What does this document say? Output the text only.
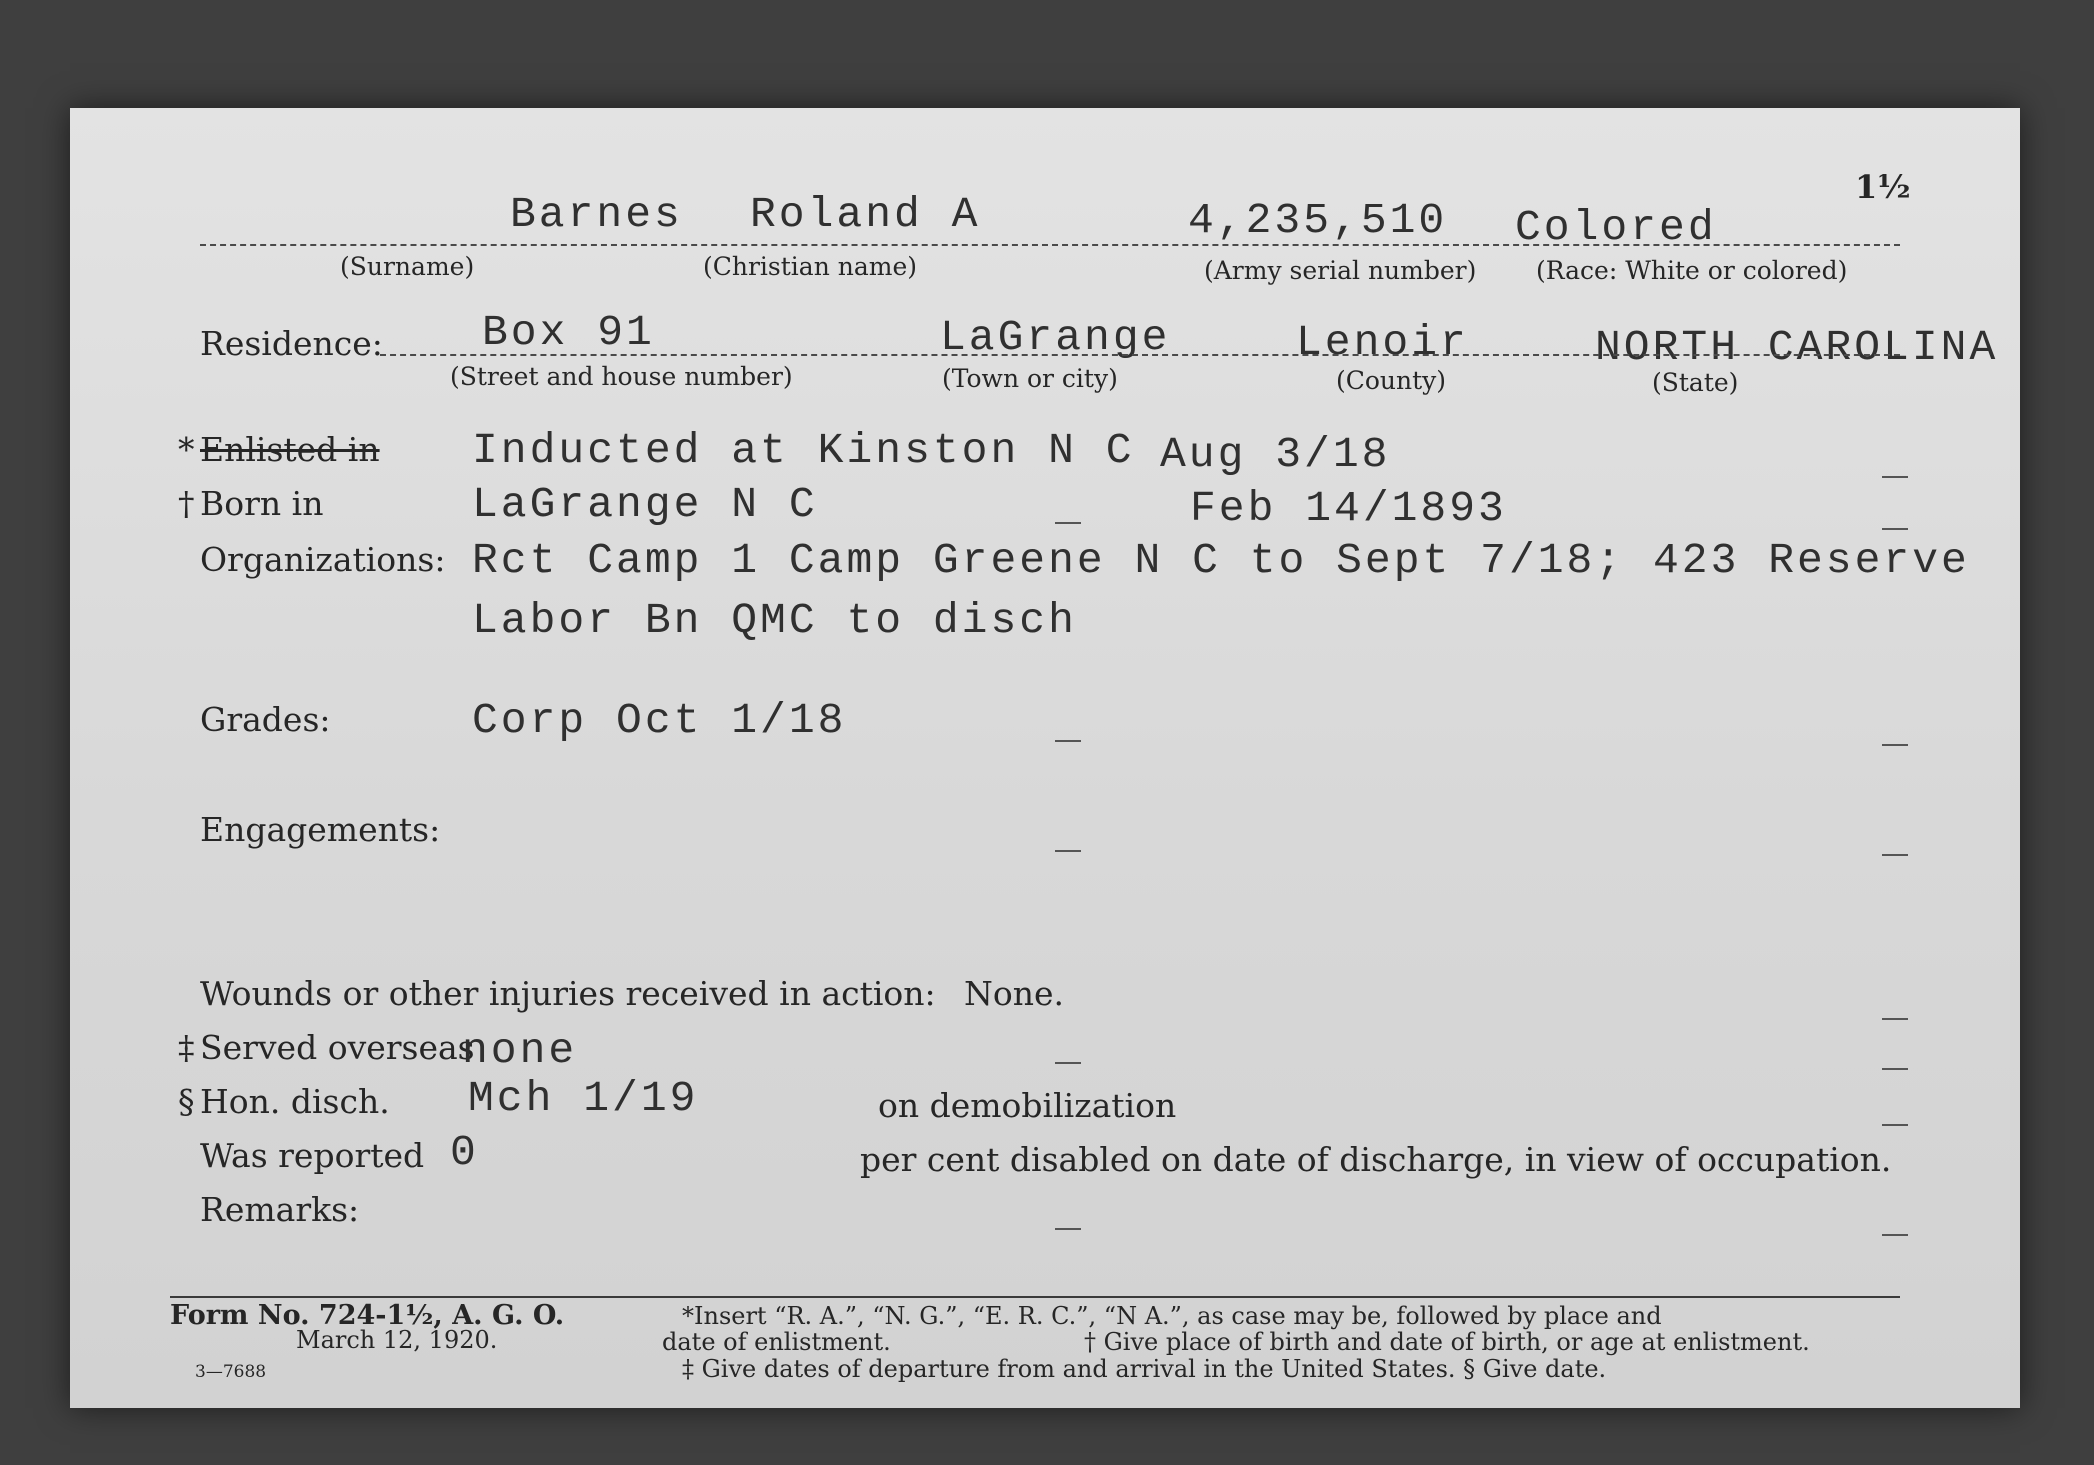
Barnes Roland A	4,235,510 Colored
1½
(Surname)	(Christian name)	(Army serial number) (Race: White or colored)
Residence: Box 91	LaGrange	Lenoir	NORTH CAROLINA
(Street and house number)	(Town or city)	(County)	(State)
* Enlisted in Inducted at Kinston N C Aug 3/18
† Born in	LaGrange N C	Feb 14/1893
Organizations: Rct Camp 1 Camp Greene N C to Sept 7/18; 423 Reserve
Labor Bn QMC to disch
Grades:	Corp Oct 1/18
Engagements:
Wounds or other injuries received in action: None.
‡ Served overseas
none
§ Hon. disch. Mch 1/19	on demobilization
Was reported 0	per cent disabled on date of discharge, in view of occupation.
Remarks:
Form No. 724-1½, A. G. O.
March 12, 1920.
3—7688
*Insert “R. A.”, “N. G.”, “E. R. C.”, “N A.”, as case may be, followed by place and
date of enlistment.	† Give place of birth and date of birth, or age at enlistment.
‡ Give dates of departure from and arrival in the United States. § Give date.
